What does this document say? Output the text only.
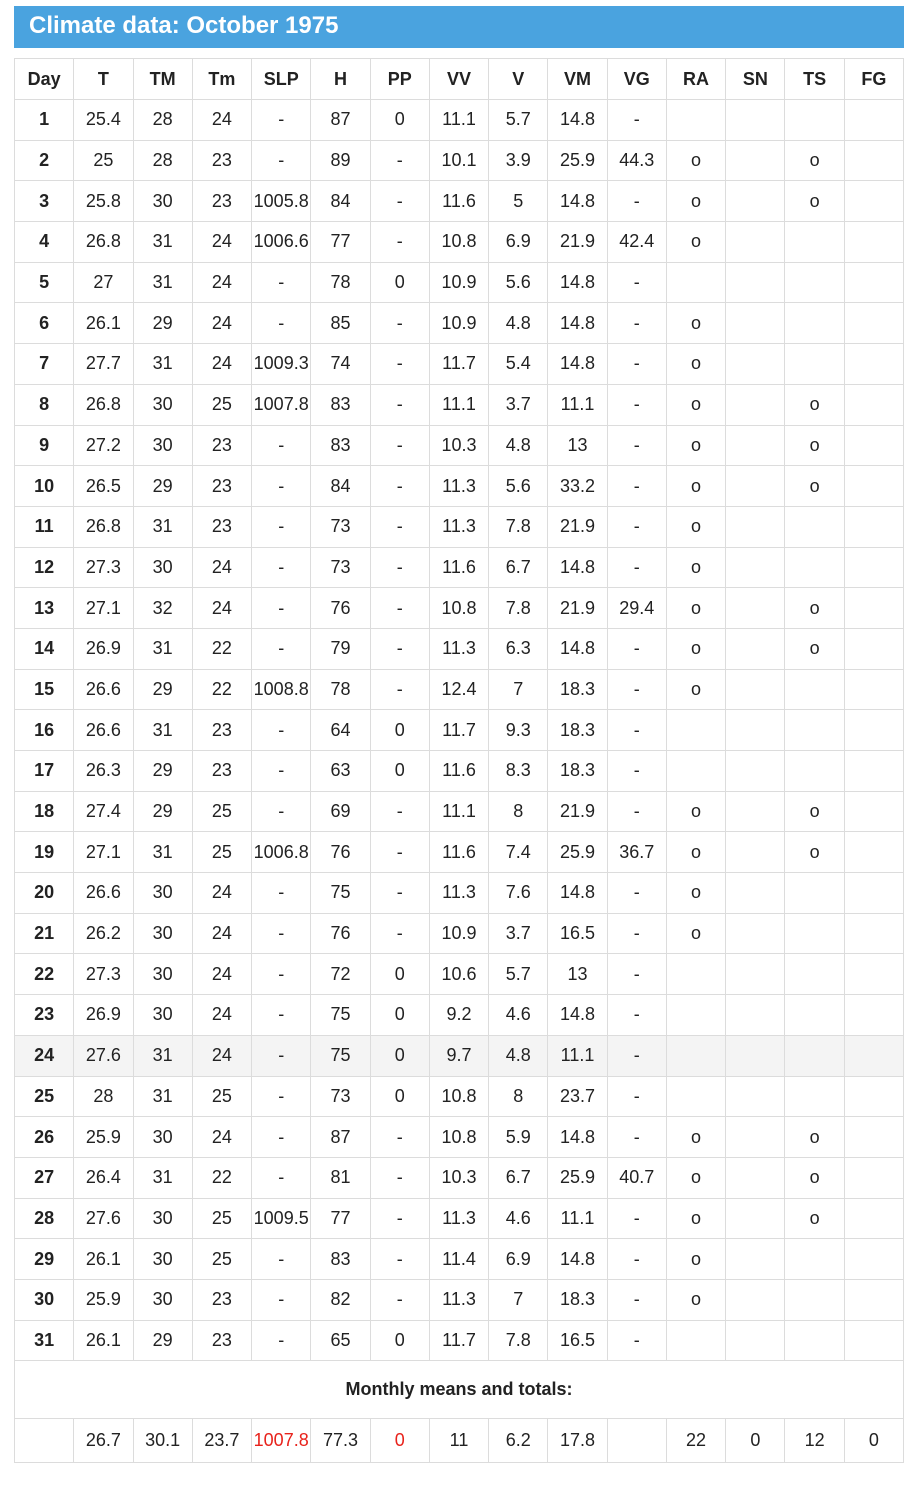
Climate data: October 1975
Day	T	TM	Tm	SLP	H	PP	VV	V	VM	VG	RA	SN	TS	FG
1	25.4	28	24	-	87	0	11.1	5.7	14.8	-				
2	25	28	23	-	89	-	10.1	3.9	25.9	44.3	o		o	
3	25.8	30	23	1005.8	84	-	11.6	5	14.8	-	o		o	
4	26.8	31	24	1006.6	77	-	10.8	6.9	21.9	42.4	o			
5	27	31	24	-	78	0	10.9	5.6	14.8	-				
6	26.1	29	24	-	85	-	10.9	4.8	14.8	-	o			
7	27.7	31	24	1009.3	74	-	11.7	5.4	14.8	-	o			
8	26.8	30	25	1007.8	83	-	11.1	3.7	11.1	-	o		o	
9	27.2	30	23	-	83	-	10.3	4.8	13	-	o		o	
10	26.5	29	23	-	84	-	11.3	5.6	33.2	-	o		o	
11	26.8	31	23	-	73	-	11.3	7.8	21.9	-	o			
12	27.3	30	24	-	73	-	11.6	6.7	14.8	-	o			
13	27.1	32	24	-	76	-	10.8	7.8	21.9	29.4	o		o	
14	26.9	31	22	-	79	-	11.3	6.3	14.8	-	o		o	
15	26.6	29	22	1008.8	78	-	12.4	7	18.3	-	o			
16	26.6	31	23	-	64	0	11.7	9.3	18.3	-				
17	26.3	29	23	-	63	0	11.6	8.3	18.3	-				
18	27.4	29	25	-	69	-	11.1	8	21.9	-	o		o	
19	27.1	31	25	1006.8	76	-	11.6	7.4	25.9	36.7	o		o	
20	26.6	30	24	-	75	-	11.3	7.6	14.8	-	o			
21	26.2	30	24	-	76	-	10.9	3.7	16.5	-	o			
22	27.3	30	24	-	72	0	10.6	5.7	13	-				
23	26.9	30	24	-	75	0	9.2	4.6	14.8	-				
24	27.6	31	24	-	75	0	9.7	4.8	11.1	-				
25	28	31	25	-	73	0	10.8	8	23.7	-				
26	25.9	30	24	-	87	-	10.8	5.9	14.8	-	o		o	
27	26.4	31	22	-	81	-	10.3	6.7	25.9	40.7	o		o	
28	27.6	30	25	1009.5	77	-	11.3	4.6	11.1	-	o		o	
29	26.1	30	25	-	83	-	11.4	6.9	14.8	-	o			
30	25.9	30	23	-	82	-	11.3	7	18.3	-	o			
31	26.1	29	23	-	65	0	11.7	7.8	16.5	-				
Monthly means and totals:														
	26.7	30.1	23.7	1007.8	77.3	0	11	6.2	17.8		22	0	12	0
